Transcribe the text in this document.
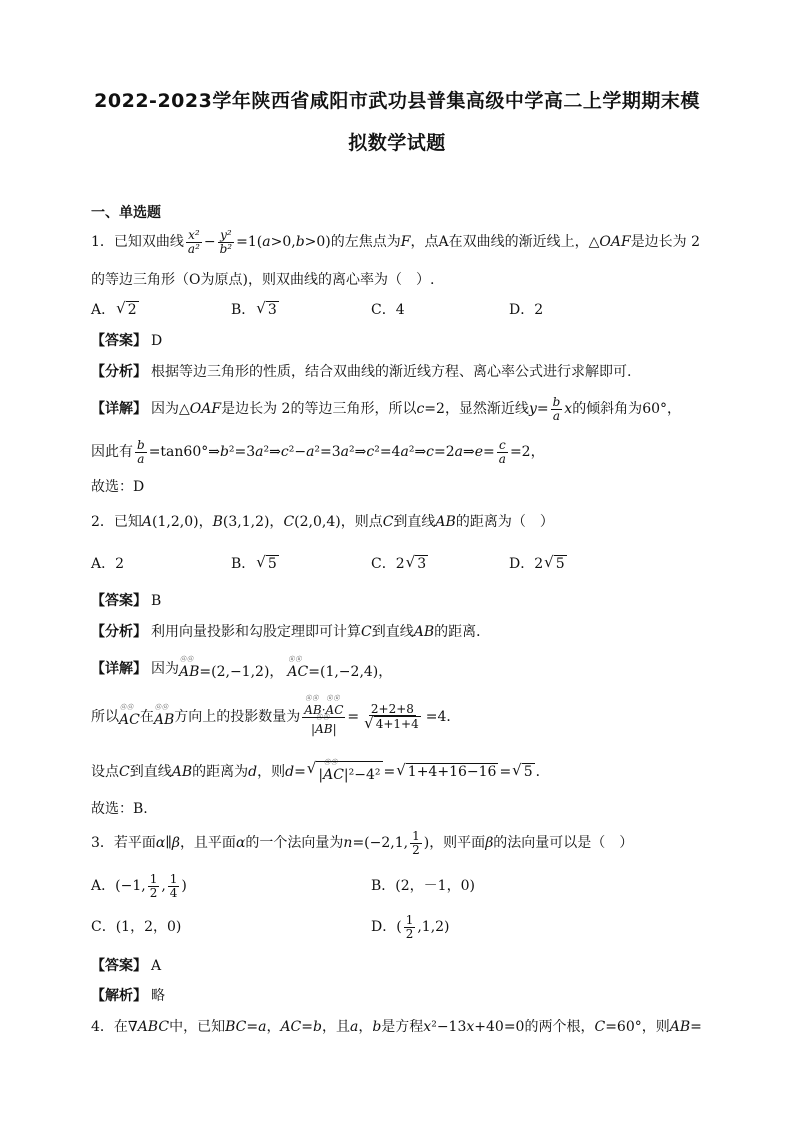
2022-2023学年陕西省咸阳市武功县普集高级中学高二上学期期末模
拟数学试题
一、单选题
1．已知双曲线 x²
$a^2 - \frac{\text{y²}}{\text{b²}} =1(a>0,b>0)$ 的左焦点为 F ，点A在双曲线的渐近线上，△ OAF 是边长为 2
的等边三角形（O为原点)，则双曲线的离心率为（　）.
A． √ 2	B． √ 3	C．4	D．2
【答案】 D
【分析】 根据等边三角形的性质，结合双曲线的渐近线方程、离心率公式进行求解即可.
【详解】 因为△ OAF 是边长为 2的等边三角形，所以 c =2 ，显然渐近线 $y = \frac{b}{a}$ x 的倾斜角为 60°，
因此有 $\frac{b}{a}$ =tan60°⇒b²=3a²⇒c²−a²=3a²⇒c²=4a²⇒c=2a⇒e= $\frac{c}{a} =2$，
故选：D
2．已知 A(1,2,0)，B(3,1,2)，C(2,0,4) ，则点 C 到直线 AB 的距离为（　）
A．2	B． √ 5	C． 2 √ 3	D． 2 √ 5
【答案】 B
【分析】 利用向量投影和勾股定理即可计算 C 到直线 AB 的距离．
【详解】 因为 ⓤⓤ AB=(2,−1,2)， ⓤⓤ AC=(1,−2,4)，
所以 ⓤⓤ AC 在 ⓤⓤ AB 方向上的投影数量为 ⓤⓤ $\frac{AB\cdotⓤⓤ AC}{|ⓤⓤ AB|} = \frac{2+2+8}{√ 4+1+4} =4$．
设点 C 到直线 AB 的距离为 d ，则 d = √ |ⓤⓤ AC|²−4² = √ 1+4+16−16 = √ 5 ．
故选：B.
3．若平面 α∥β ，且平面 α 的一个法向量为 n =(−2,1, 1
2 ) ，则平面 β 的法向量可以是（　）
A． (−1, 1
2 , 1
4 )	B．(2，－1，0)
C．(1，2，0)	D． ( 1
2 ,1,2)
【答案】 A
【解析】 略
4．在 ∇ABC 中，已知 BC = a ， AC = b ，且 a ， b 是方程 x ²−13 x +40=0 的两个根， C =60° ，则 AB =
